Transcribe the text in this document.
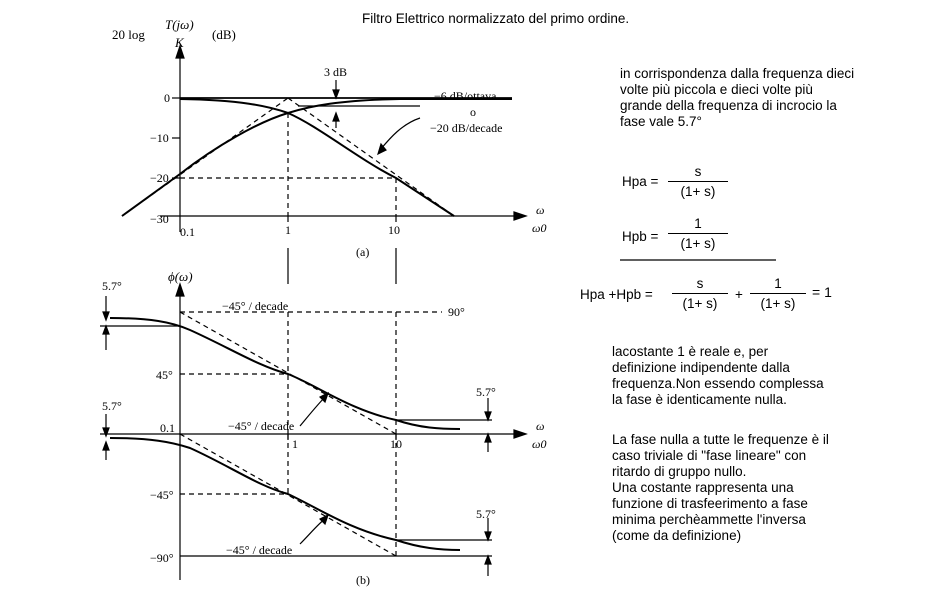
Filtro Elettrico normalizzato del primo ordine.
20 log
T(jω)
K
(dB)
0
−10
−20
−30
0.1	1	10
ω
ω0
3 dB
−6 dB/ottava
o
−20 dB/decade
(a)
ϕ(ω)
5.7°
−45° / decade	90°
45°
5.7°
5.7°
0.1	−45° / decade
1	10
ω
ω0
−45°
5.7°
−45° / decade
−90°
(b)
in corrispondenza dalla frequenza dieci
volte più piccola e dieci volte più
grande della frequenza di incrocio la
fase vale 5.7°
Hpa =
s
(1+ s)
Hpb =
1
(1+ s)
Hpa +Hpb =
s
(1+ s)
+
1
(1+ s)
= 1
lacostante 1 è reale e, per
definizione indipendente dalla
frequenza.Non essendo complessa
la fase è identicamente nulla.
La fase nulla a tutte le frequenze è il
caso triviale di "fase lineare" con
ritardo di gruppo nullo.
Una costante rappresenta una
funzione di trasfeerimento a fase
minima perchèammette l'inversa
(come da definizione)
